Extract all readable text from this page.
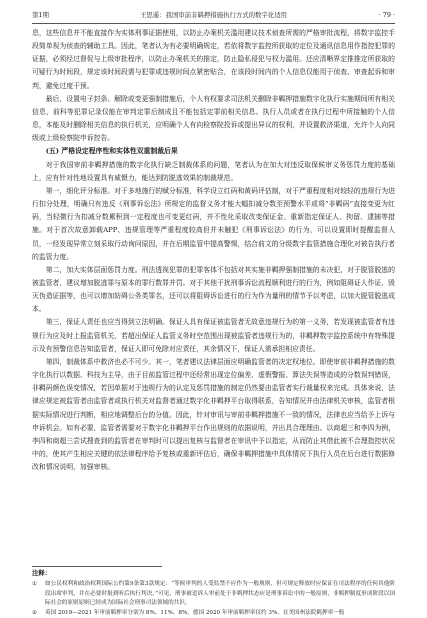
第1期	王思遥：我国审前非羁押措施执行方式的数字化适用	· 79 ·

息，这些信息并不能直接作为实体刑事证据使用，以防止办案机关滥用建议技术侦查所需的严格审批流程，将数字监控手段简单视为侦查的辅助工具。因此，笔者认为有必要明确规定，若依将数字监控所获取的定位及通讯信息用作指控犯罪的证据，必须经过督促与上级审批程序，以防止办案机关的推定，防止隐私侵犯与权力滥用。还应清晰界定推推定所获取的可疑行为时间段，规定该时间段需与犯罪或违规时间点紧密贴合，在该段时间内的个人信息仅能用于侦查、审查起诉和审判，避免过度干预。

最后，设置电子封条、解除或变更强制措施后，个人有权要求司法机关删除非羁押措施数字化执行实施期间所有相关信息，前科等犯罪记录仅能在审判定罪后制成且不能包括定罪前相关信息。执行人员或者在执行过程中所接触的个人信息，本能及时删除相关信息的执行机关，应明确个人有向检察院投诉或提出异议的权利，并设置救济渠道，允许个人向同级或上级检察院申诉控告。

(五) 严格设定程序性和实体性双重制裁后果

对于我国审前非羁押措施的数字化执行缺乏制裁体系的问题，笔者认为在加大对违反取保候审义务惩罚力度的基础上，应有针对性地设置具有威慑力，能达到防脱逃效果的制裁规范。

第一，细化评分标准。对于多地施行的赋分标准，科学设立红码和黄码评估制，对于严重程度相对较轻的违规行为进行扣分处理，明确只有违反《刑事诉讼法》所规定的监督义务才能大幅扣减分数至预警水平或将“非羁码”直接变更为红码，当轻微行为扣减分数累积到一定程度也可变更红码，并不性化采取改变保证金、重新指定保证人、拘留、逮捕等措施。对于首次故意卸载APP、违规管理等严重程度较高但并未触犯《刑事诉讼法》的行为，可以设置即时提醒监督人员，一经发现异常立刻采取行动询问原因，并在后期监管中提高警惕，结合前文的分级数字监管措施合理化对被告执行者的监管力度。

第二，加大实体层面惩罚力度。刑法透视犯罪的犯罪客体不包括对其实施非羁押强制措施的未决犯，对于脱管脱逃的被监管者，建议增加脱逃罪与原本的罪行数罪并罚。对于其他干扰刑事诉讼流程顺利进行的行为，例如阻碍证人作证、毁灭伪造证据等，也可以增加妨碍公务类罪名，还可以将阻碍诉讼进行的行为作为量刑的情节予以考虑，以加大脱管脱逃成本。

第三，保证人责任也应当得到立法明确。保证人具有保证被监管者无故意违规行为的第一义务，若发现被监管者有违规行为应及时上报监管机关，若超出保证人监管义务时空范围出现被监管者违规行为的，非羁押数字监控系统中有特殊提示及有预警信息告知监管者，保证人即可免除对应责任，其余情况下，保证人需承担相应责任。

第四，制裁体系中救济也必不可少。其一，笔者建议法律层面应明确监管者的决定权地位。即使审前非羁押措施的数字化执行以数据、科技为主导，由于目前监管过程中还经常出现定位偏差、虚假警报、算法失误等造成的分数误判错误，非羁码颜色误变情况，若因单据对于违规行为的认定及惩罚措施的制定仍然要由监管者实行裁量权来完成。具体来说，法律应规定被监管者由监管者或执行机关对监督者通过数字化非羁押平台取得联系，告知情况并由法律机关审核，监管者根据实际情况进行判断，相应地调整后台的分值。因此，针对审讯与审前非羁押措施不一致的情况，法律也应当给予上诉与申诉机会。如有必要，监管者需要对于数字化非羁押平台作出规则的依据说明，并出具合理理由。以商超三和李四为例，李四和商超三尝试搜查到的监管者在审判时可以提出复核与监督者在审讯中予以指定，从而防止其借此被不合理指控状况中的，使其产生相应关键的依法律程序给予复核或重新评估后，确保非羁押措施中具体情况下执行人员在后台进行数据修改和情况说明，加强审核。

注释：
①	如公民权利和政治权利国际公约第9条第3款规定：“等候审判的人受监禁不应作为一般规则，但可规定释放时应保证在司法程序的任何其他阶段出席审判，并在必要时报到听后执行判决。”可见，刑事被追诉人审前处于非羁押状态应是刑事诉讼中的一般原则，非羁押制度形成阶段以国际社会的原则原则已经成为国际社会刑事司法领域的共识。
②	英国 2019—2021 年审前羁押率分别为 8%、11%、8%，德国 2020 年审前羁押率仅约 3%，在美国州法院羁押率一般
